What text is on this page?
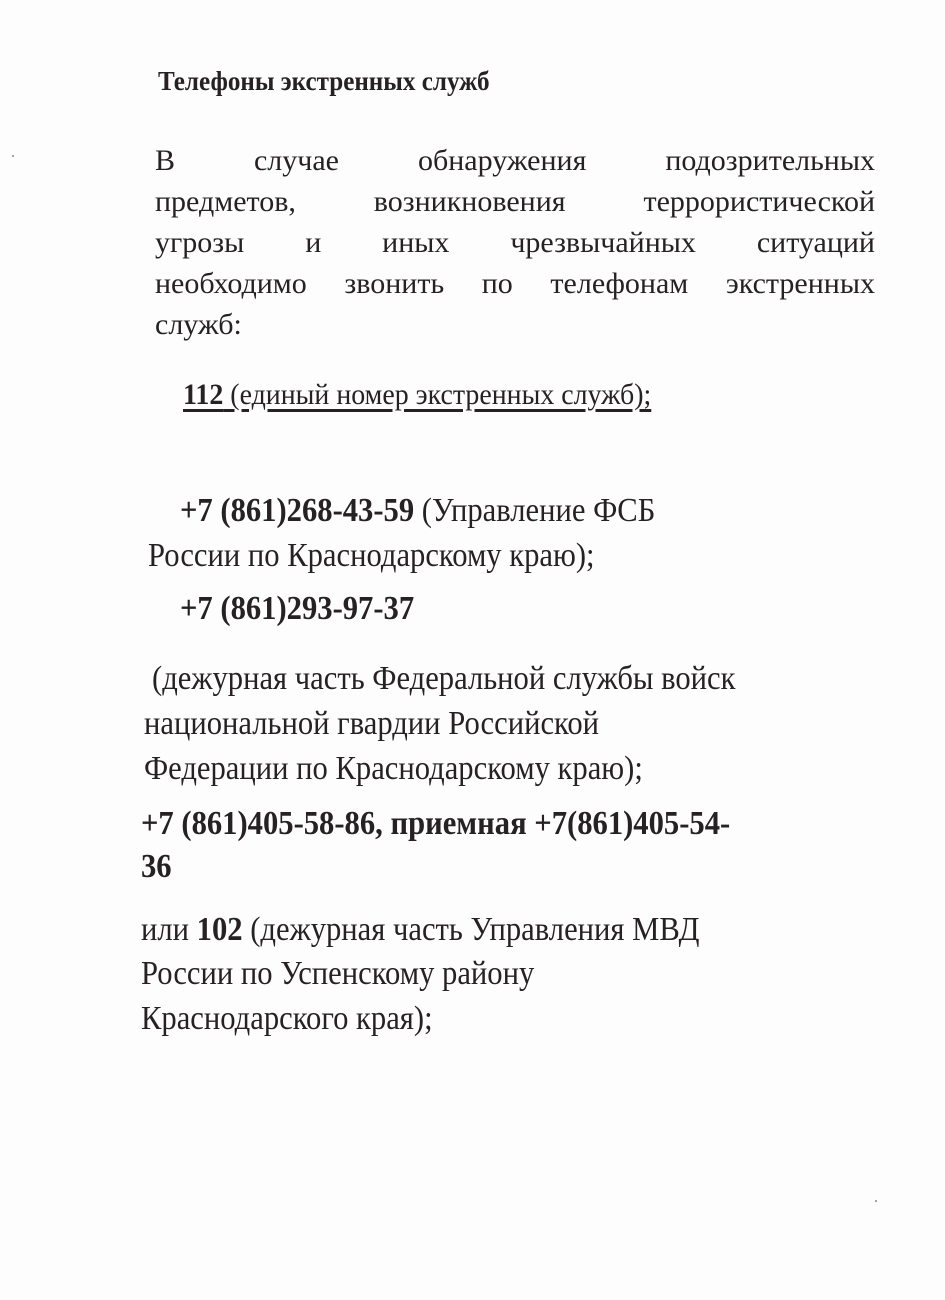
Телефоны экстренных служб
В случае обнаружения подозрительных
предметов, возникновения террористической
угрозы и иных чрезвычайных ситуаций
необходимо звонить по телефонам экстренных
служб:
112 (единый номер экстренных служб);
+7 (861)268-43-59 (Управление ФСБ
России по Краснодарскому краю);
+7 (861)293-97-37
(дежурная часть Федеральной службы войск
национальной гвардии Российской
Федерации по Краснодарскому краю);
+7 (861)405-58-86, приемная +7(861)405-54-
36
или 102 (дежурная часть Управления МВД
России по Успенскому району
Краснодарского края);
